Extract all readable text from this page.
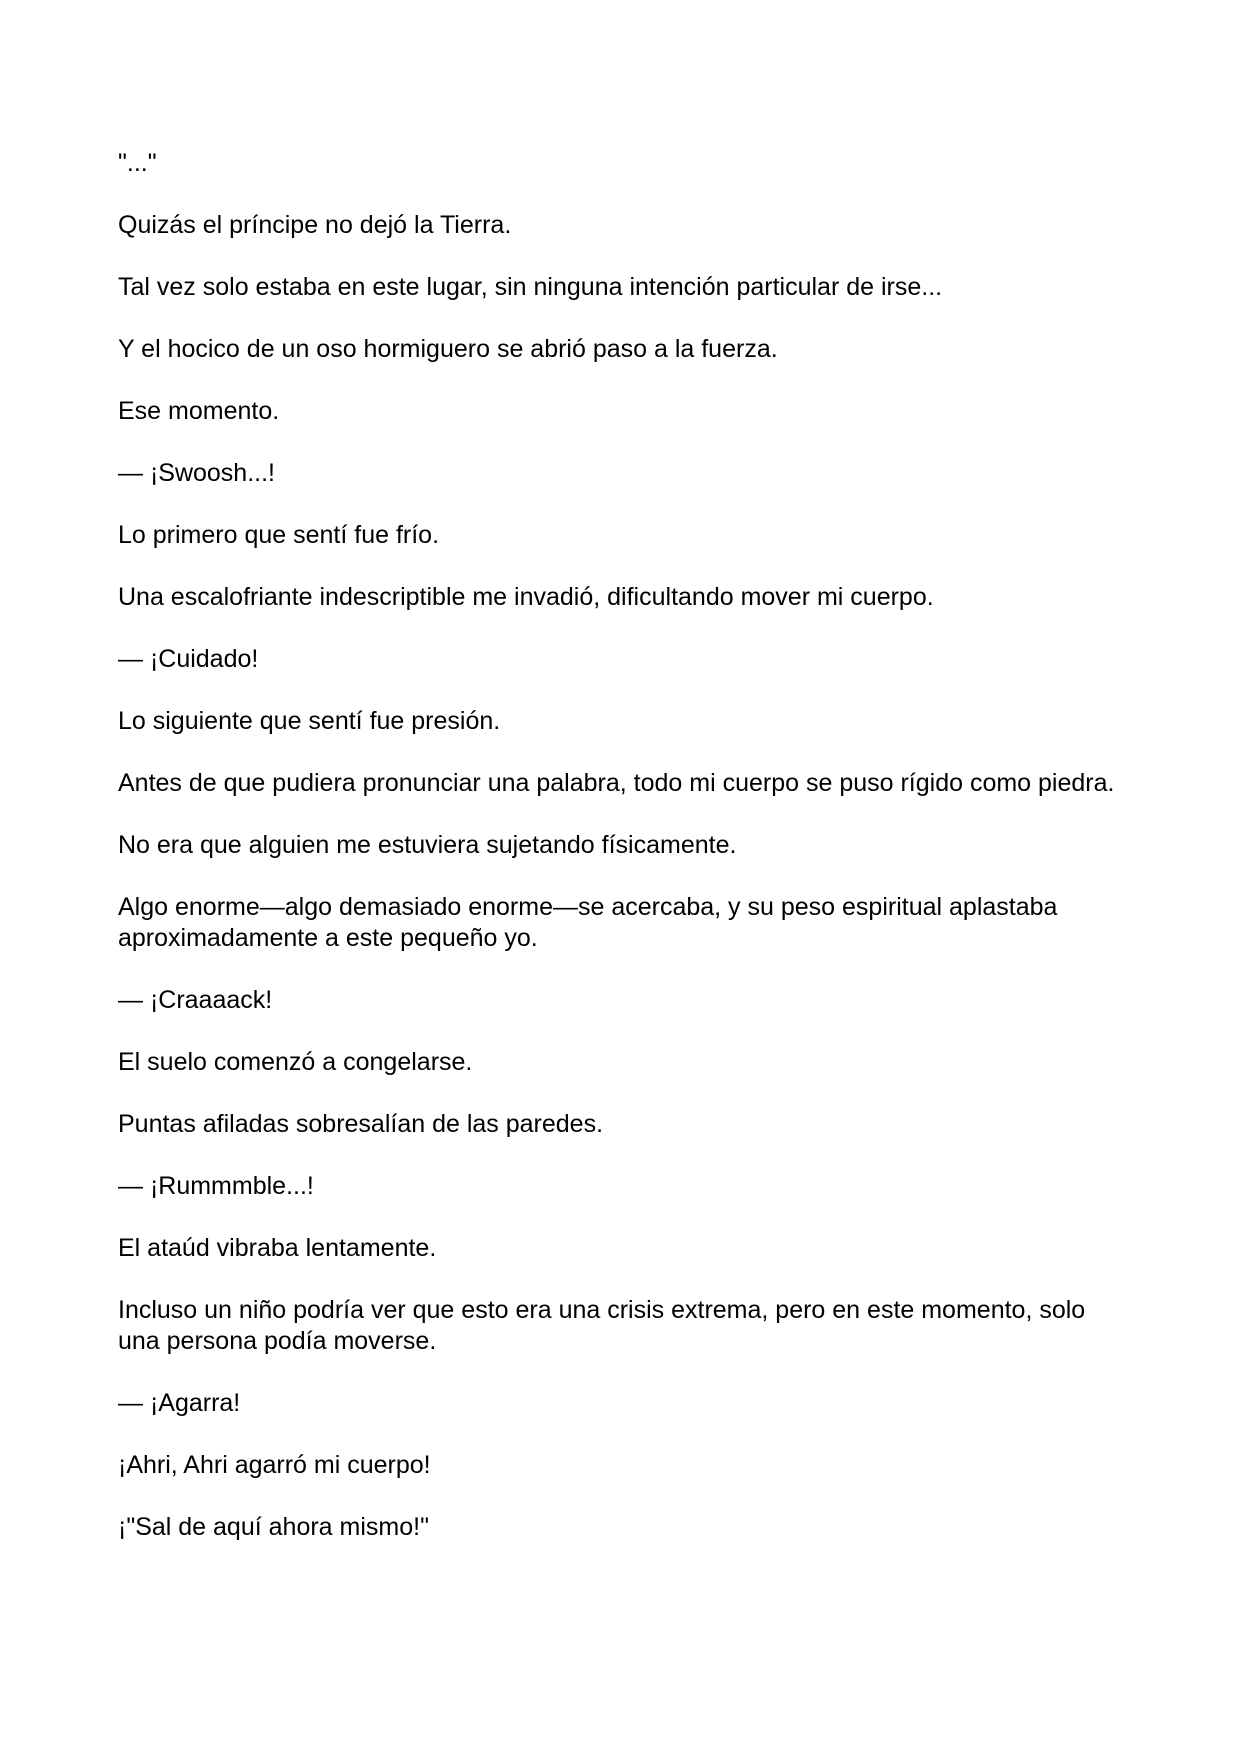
"..."

Quizás el príncipe no dejó la Tierra.

Tal vez solo estaba en este lugar, sin ninguna intención particular de irse...

Y el hocico de un oso hormiguero se abrió paso a la fuerza.

Ese momento.

— ¡Swoosh...!

Lo primero que sentí fue frío.

Una escalofriante indescriptible me invadió, dificultando mover mi cuerpo.

— ¡Cuidado!

Lo siguiente que sentí fue presión.

Antes de que pudiera pronunciar una palabra, todo mi cuerpo se puso rígido como piedra.

No era que alguien me estuviera sujetando físicamente.

Algo enorme—algo demasiado enorme—se acercaba, y su peso espiritual aplastaba aproximadamente a este pequeño yo.

— ¡Craaaack!

El suelo comenzó a congelarse.

Puntas afiladas sobresalían de las paredes.

— ¡Rummmble...!

El ataúd vibraba lentamente.

Incluso un niño podría ver que esto era una crisis extrema, pero en este momento, solo una persona podía moverse.

— ¡Agarra!

¡Ahri, Ahri agarró mi cuerpo!

¡"Sal de aquí ahora mismo!"
